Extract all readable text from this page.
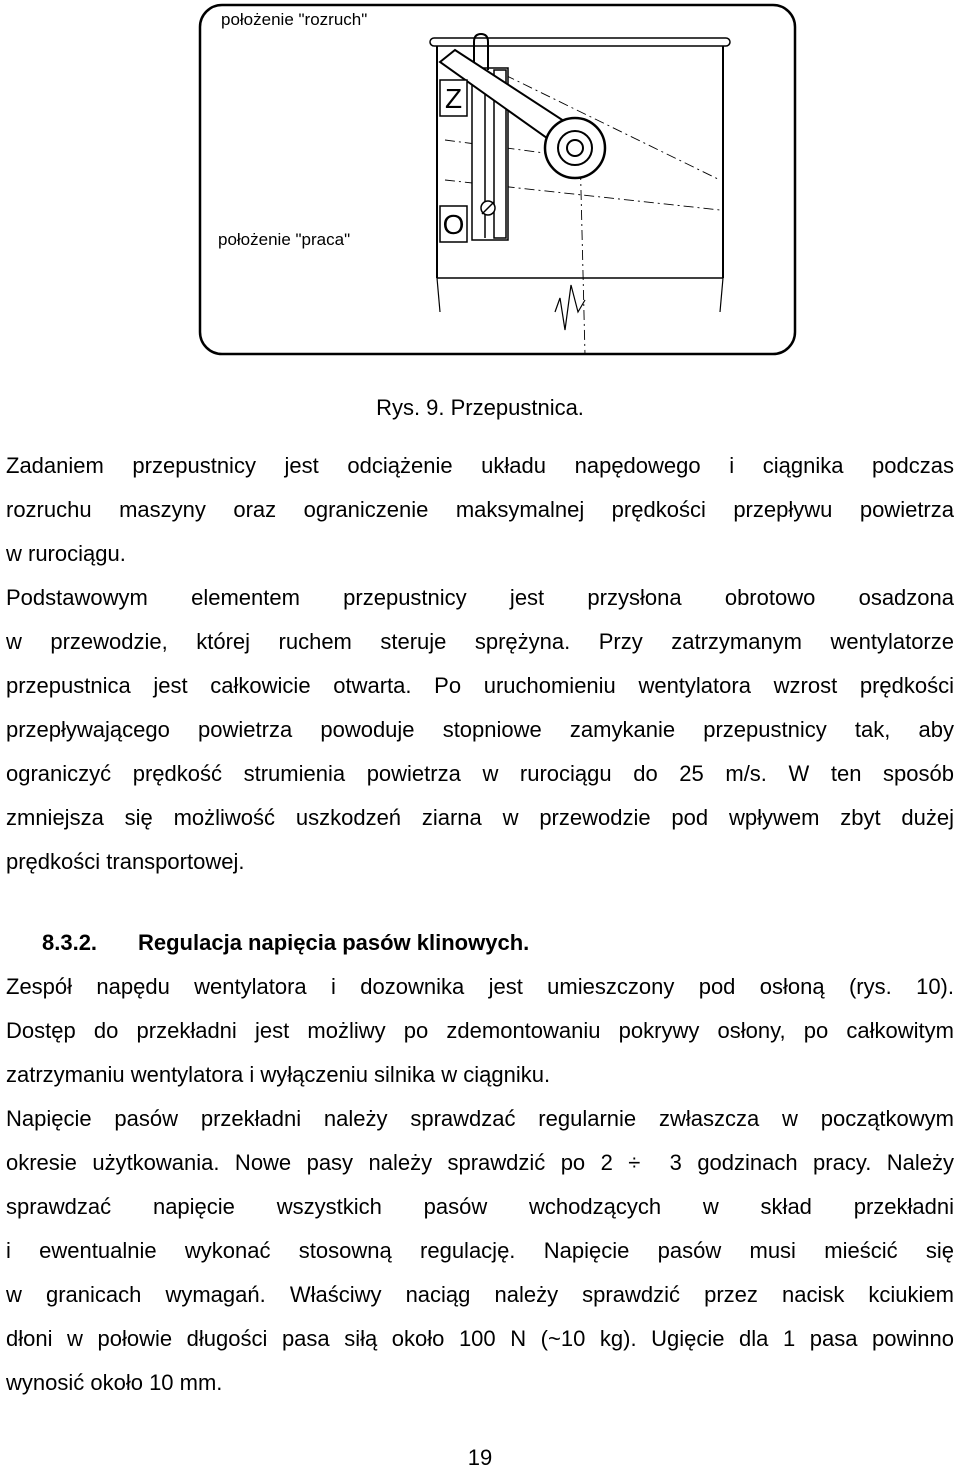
Z
O
położenie "rozruch"
położenie "praca"
Rys. 9. Przepustnica.
Zadaniem przepustnicy jest odciążenie układu napędowego i ciągnika podczas
rozruchu maszyny oraz ograniczenie maksymalnej prędkości przepływu powietrza
w rurociągu.
Podstawowym elementem przepustnicy jest przysłona obrotowo osadzona
w przewodzie, której ruchem steruje sprężyna. Przy zatrzymanym wentylatorze
przepustnica jest całkowicie otwarta. Po uruchomieniu wentylatora wzrost prędkości
przepływającego powietrza powoduje stopniowe zamykanie przepustnicy tak, aby
ograniczyć prędkość strumienia powietrza w rurociągu do 25 m/s. W ten sposób
zmniejsza się możliwość uszkodzeń ziarna w przewodzie pod wpływem zbyt dużej
prędkości transportowej.
8.3.2. Regulacja napięcia pasów klinowych.
Zespół napędu wentylatora i dozownika jest umieszczony pod osłoną (rys. 10).
Dostęp do przekładni jest możliwy po zdemontowaniu pokrywy osłony, po całkowitym
zatrzymaniu wentylatora i wyłączeniu silnika w ciągniku.
Napięcie pasów przekładni należy sprawdzać regularnie zwłaszcza w początkowym
okresie użytkowania. Nowe pasy należy sprawdzić po 2 ÷ 3 godzinach pracy. Należy
sprawdzać napięcie wszystkich pasów wchodzących w skład przekładni
i ewentualnie wykonać stosowną regulację. Napięcie pasów musi mieścić się
w granicach wymagań. Właściwy naciąg należy sprawdzić przez nacisk kciukiem
dłoni w połowie długości pasa siłą około 100 N (~10 kg). Ugięcie dla 1 pasa powinno
wynosić około 10 mm.
19
